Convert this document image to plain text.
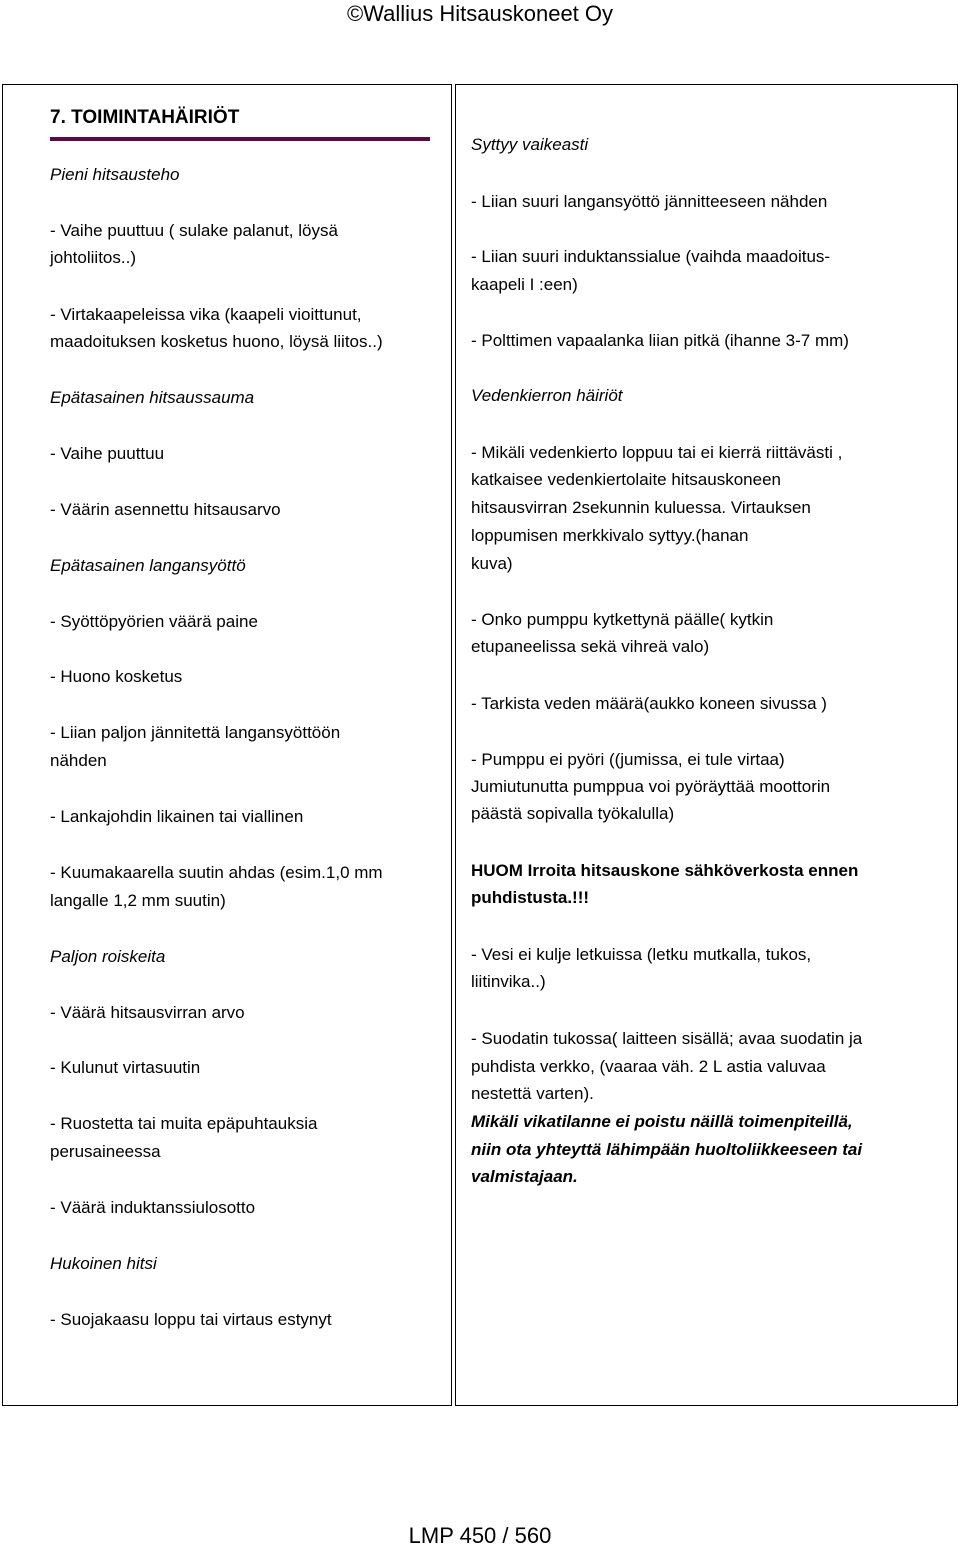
©Wallius Hitsauskoneet Oy
7. TOIMINTAHÄIRIÖT
Pieni hitsausteho
- Vaihe puuttuu ( sulake palanut, löysä
johtoliitos..)
- Virtakaapeleissa vika (kaapeli vioittunut,
maadoituksen kosketus huono, löysä liitos..)
Epätasainen hitsaussauma
- Vaihe puuttuu
- Väärin asennettu hitsausarvo
Epätasainen langansyöttö
- Syöttöpyörien väärä paine
- Huono kosketus
- Liian paljon jännitettä langansyöttöön
nähden
- Lankajohdin likainen tai viallinen
- Kuumakaarella suutin ahdas (esim.1,0 mm
langalle 1,2 mm suutin)
Paljon roiskeita
- Väärä hitsausvirran arvo
- Kulunut virtasuutin
- Ruostetta tai muita epäpuhtauksia
perusaineessa
- Väärä induktanssiulosotto
Hukoinen hitsi
- Suojakaasu loppu tai virtaus estynyt
Syttyy vaikeasti
- Liian suuri langansyöttö jännitteeseen nähden
- Liian suuri induktanssialue (vaihda maadoitus-
kaapeli I :een)
- Polttimen vapaalanka liian pitkä (ihanne 3-7 mm)
Vedenkierron häiriöt
- Mikäli vedenkierto loppuu tai ei kierrä riittävästi ,
katkaisee vedenkiertolaite hitsauskoneen
hitsausvirran 2sekunnin kuluessa. Virtauksen
loppumisen merkkivalo syttyy.(hanan
kuva)
- Onko pumppu kytkettynä päälle( kytkin
etupaneelissa sekä vihreä valo)
- Tarkista veden määrä(aukko koneen sivussa )
- Pumppu ei pyöri ((jumissa, ei tule virtaa)
Jumiutunutta pumppua voi pyöräyttää moottorin
päästä sopivalla työkalulla)
HUOM Irroita hitsauskone sähköverkosta ennen
puhdistusta.!!!
- Vesi ei kulje letkuissa (letku mutkalla, tukos,
liitinvika..)
- Suodatin tukossa( laitteen sisällä; avaa suodatin ja
puhdista verkko, (vaaraa väh. 2 L astia valuvaa
nestettä varten).
Mikäli vikatilanne ei poistu näillä toimenpiteillä,
niin ota yhteyttä lähimpään huoltoliikkeeseen tai
valmistajaan.
LMP 450 / 560
